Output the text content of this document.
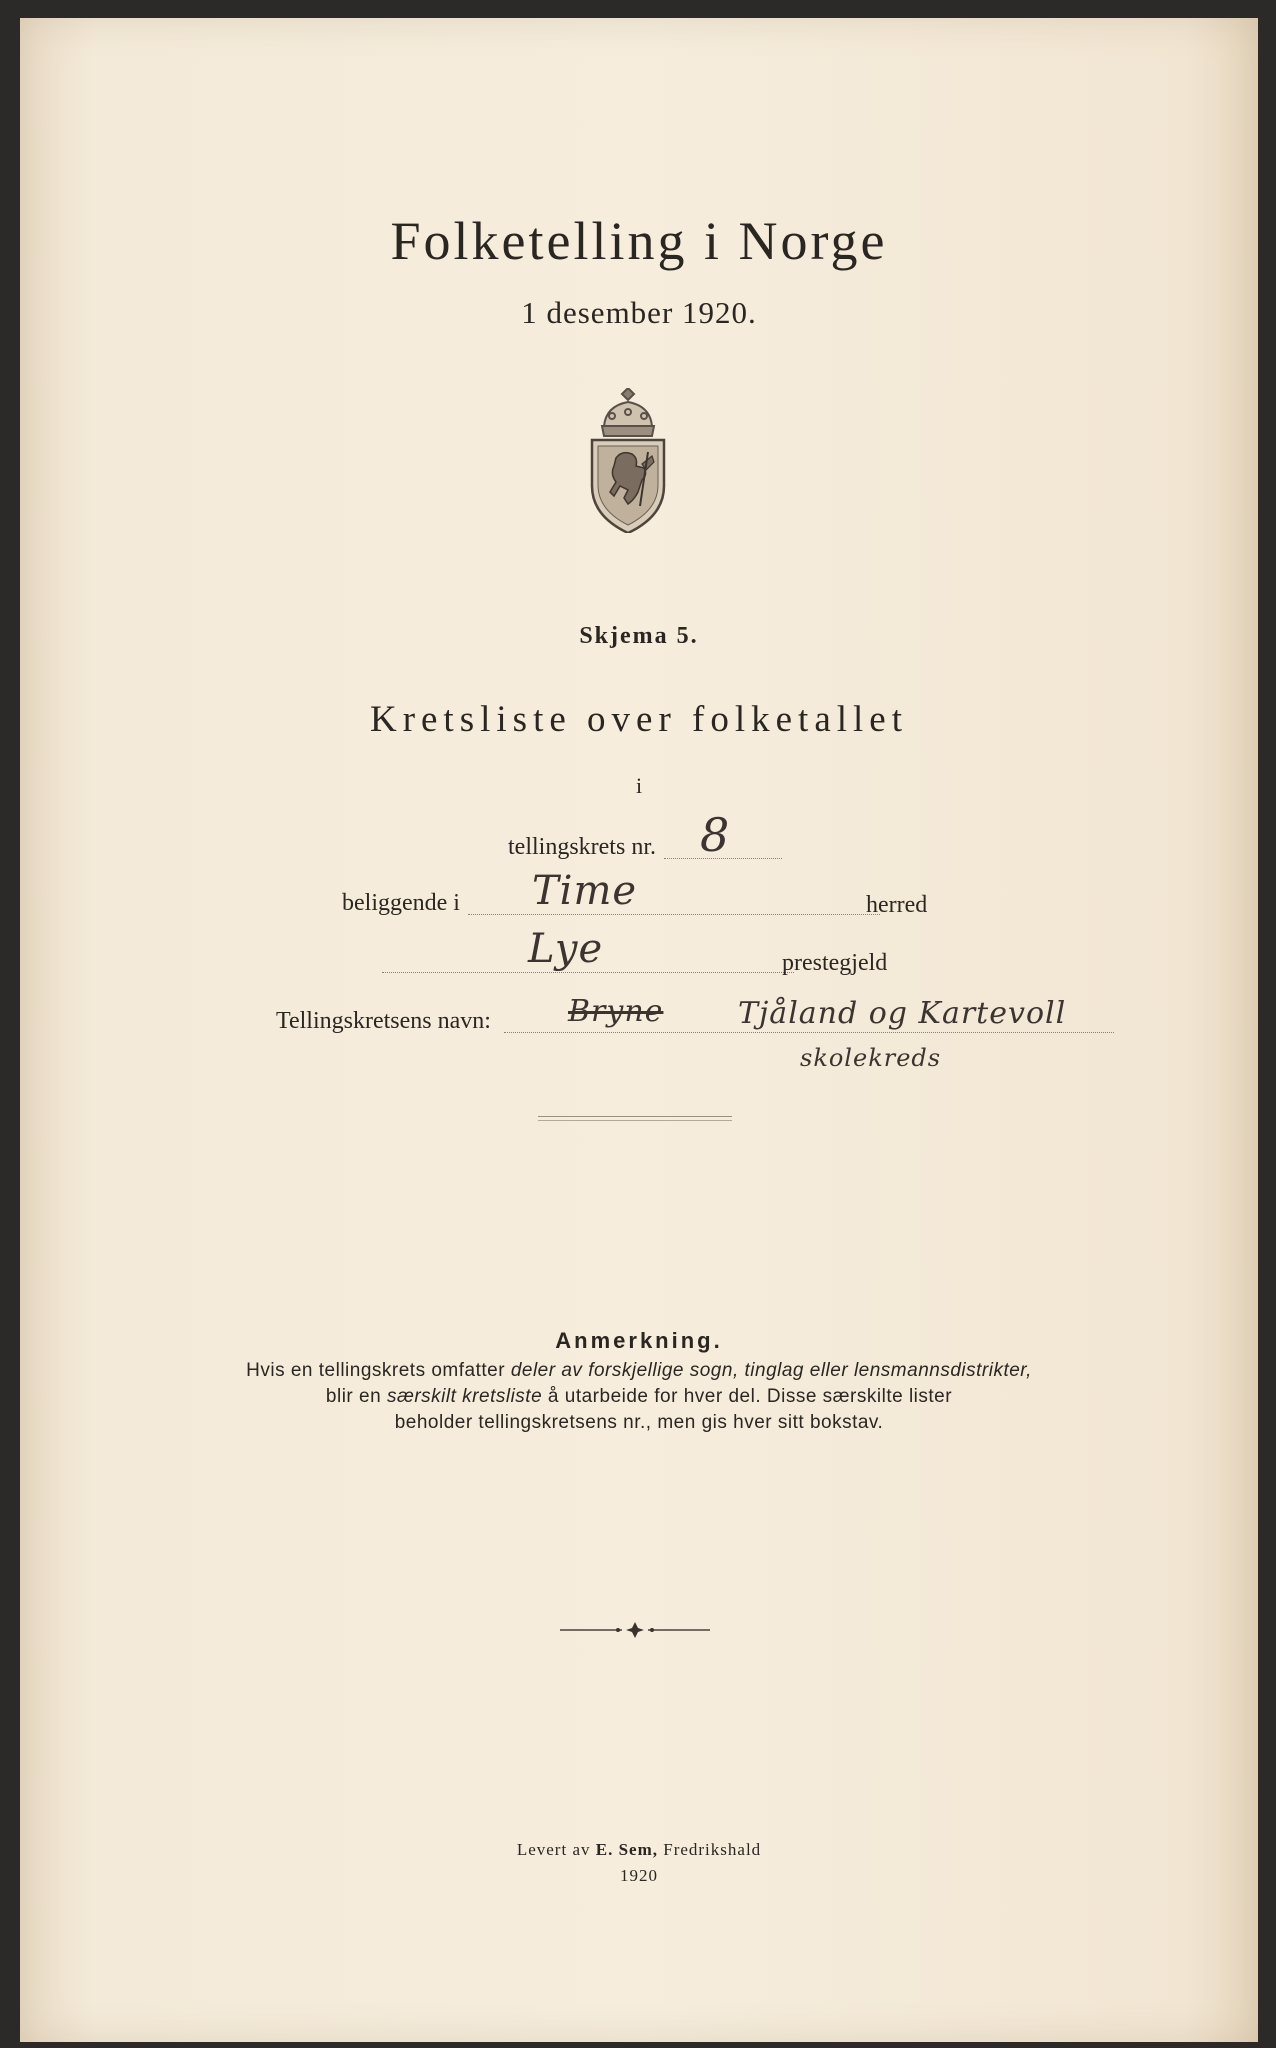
Folketelling i Norge
1 desember 1920.
Skjema 5.
Kretsliste over folketallet
i
tellingskrets nr. 8
beliggende i Time	herred
Lye	prestegjeld
Tellingskretsens navn:	Bryne Tjåland og Kartevoll
skolekreds
Anmerkning.
Hvis en tellingskrets omfatter deler av forskjellige sogn, tinglag eller lensmannsdistrikter,
blir en særskilt kretsliste å utarbeide for hver del. Disse særskilte lister
beholder tellingskretsens nr., men gis hver sitt bokstav.
Levert av E. Sem, Fredrikshald
1920
